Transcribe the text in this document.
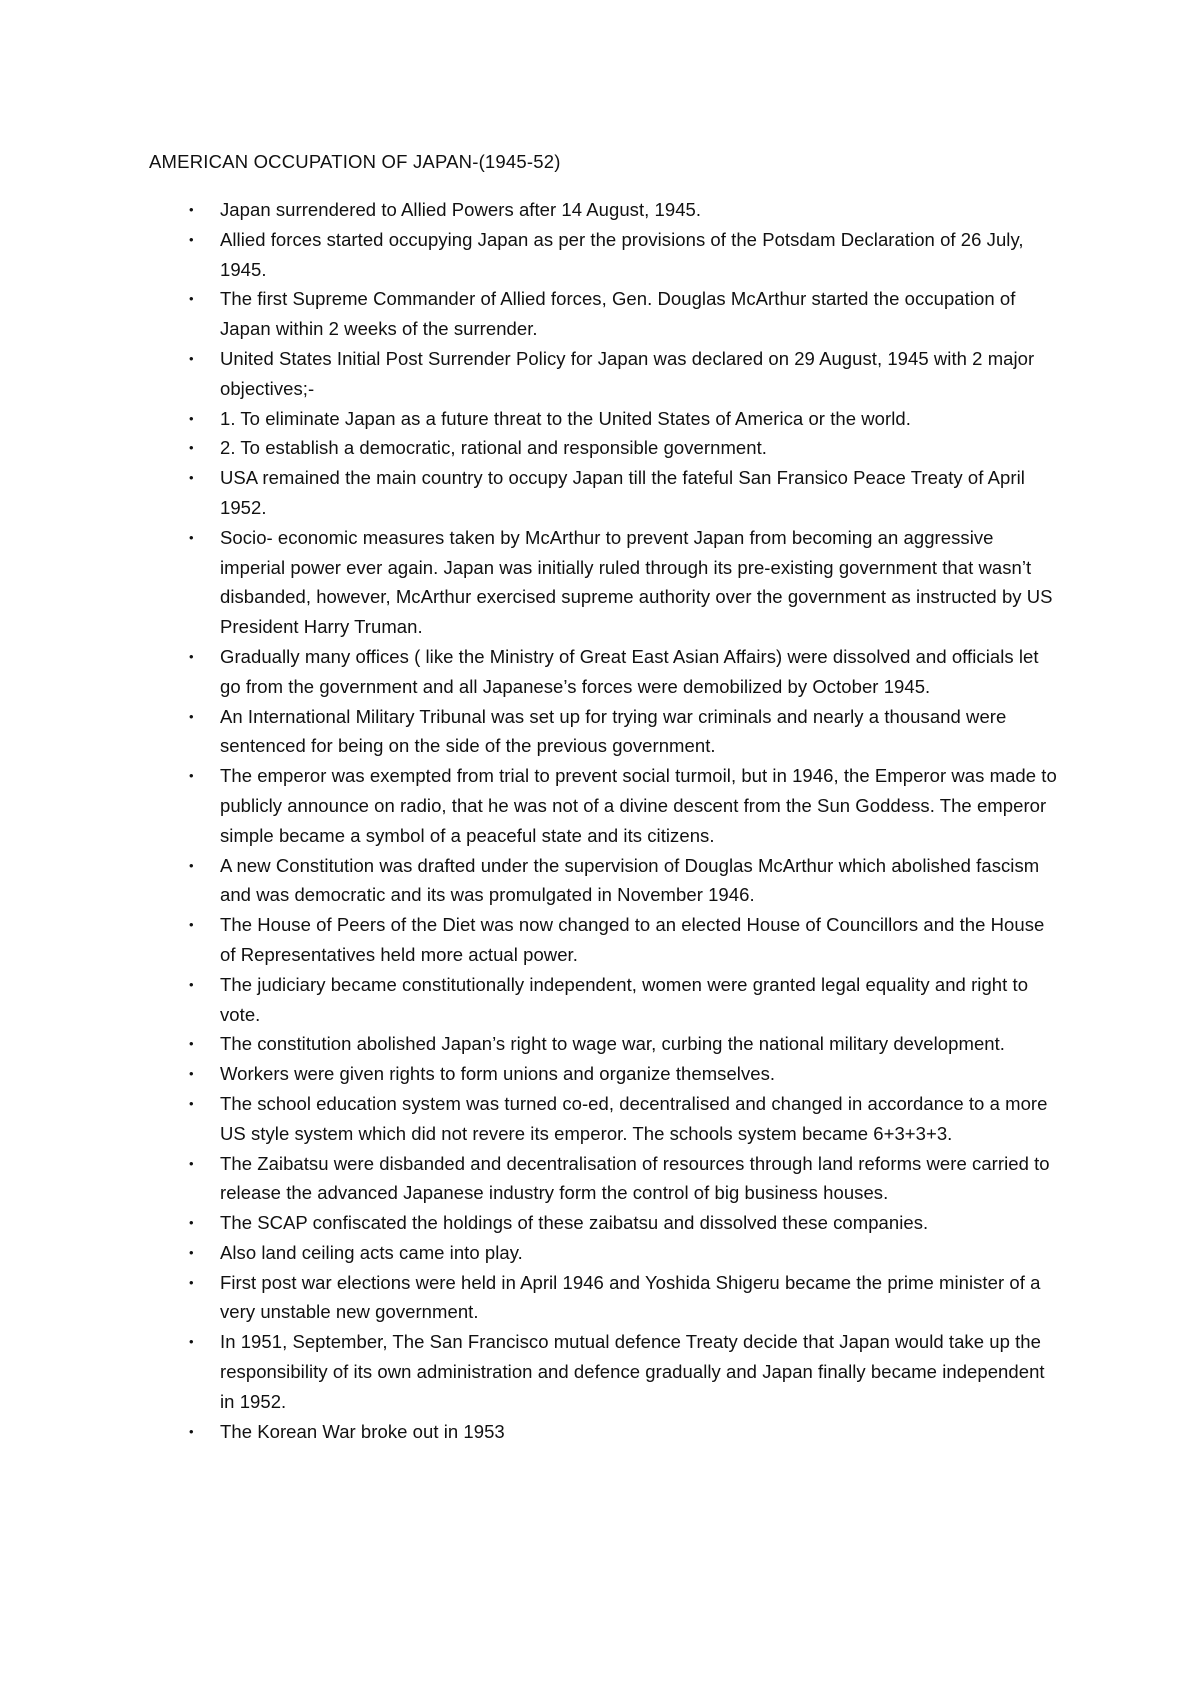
AMERICAN OCCUPATION OF JAPAN-(1945-52)
• Japan surrendered to Allied Powers after 14 August, 1945.
• Allied forces started occupying Japan as per the provisions of the Potsdam Declaration of 26 July, 1945.
• The first Supreme Commander of Allied forces, Gen. Douglas McArthur started the occupation of Japan within 2 weeks of the surrender.
• United States Initial Post Surrender Policy for Japan was declared on 29 August, 1945 with 2 major objectives;-
• 1. To eliminate Japan as a future threat to the United States of America or the world.
• 2. To establish a democratic, rational and responsible government.
• USA remained the main country to occupy Japan till the fateful San Fransico Peace Treaty of April 1952.
• Socio- economic measures taken by McArthur to prevent Japan from becoming an aggressive imperial power ever again. Japan was initially ruled through its pre-existing government that wasn’t disbanded, however, McArthur exercised supreme authority over the government as instructed by US President Harry Truman.
• Gradually many offices ( like the Ministry of Great East Asian Affairs) were dissolved and officials let go from the government and all Japanese’s forces were demobilized by October 1945.
• An International Military Tribunal was set up for trying war criminals and nearly a thousand were sentenced for being on the side of the previous government.
• The emperor was exempted from trial to prevent social turmoil, but in 1946, the Emperor was made to publicly announce on radio, that he was not of a divine descent from the Sun Goddess. The emperor simple became a symbol of a peaceful state and its citizens.
• A new Constitution was drafted under the supervision of Douglas McArthur which abolished fascism and was democratic and its was promulgated in November 1946.
• The House of Peers of the Diet was now changed to an elected House of Councillors and the House of Representatives held more actual power.
• The judiciary became constitutionally independent, women were granted legal equality and right to vote.
• The constitution abolished Japan’s right to wage war, curbing the national military development.
• Workers were given rights to form unions and organize themselves.
• The school education system was turned co-ed, decentralised and changed in accordance to a more US style system which did not revere its emperor. The schools system became 6+3+3+3.
• The Zaibatsu were disbanded and decentralisation of resources through land reforms were carried to release the advanced Japanese industry form the control of big business houses.
• The SCAP confiscated the holdings of these zaibatsu and dissolved these companies.
• Also land ceiling acts came into play.
• First post war elections were held in April 1946 and Yoshida Shigeru became the prime minister of a very unstable new government.
• In 1951, September, The San Francisco mutual defence Treaty decide that Japan would take up the responsibility of its own administration and defence gradually and Japan finally became independent in 1952.
• The Korean War broke out in 1953
